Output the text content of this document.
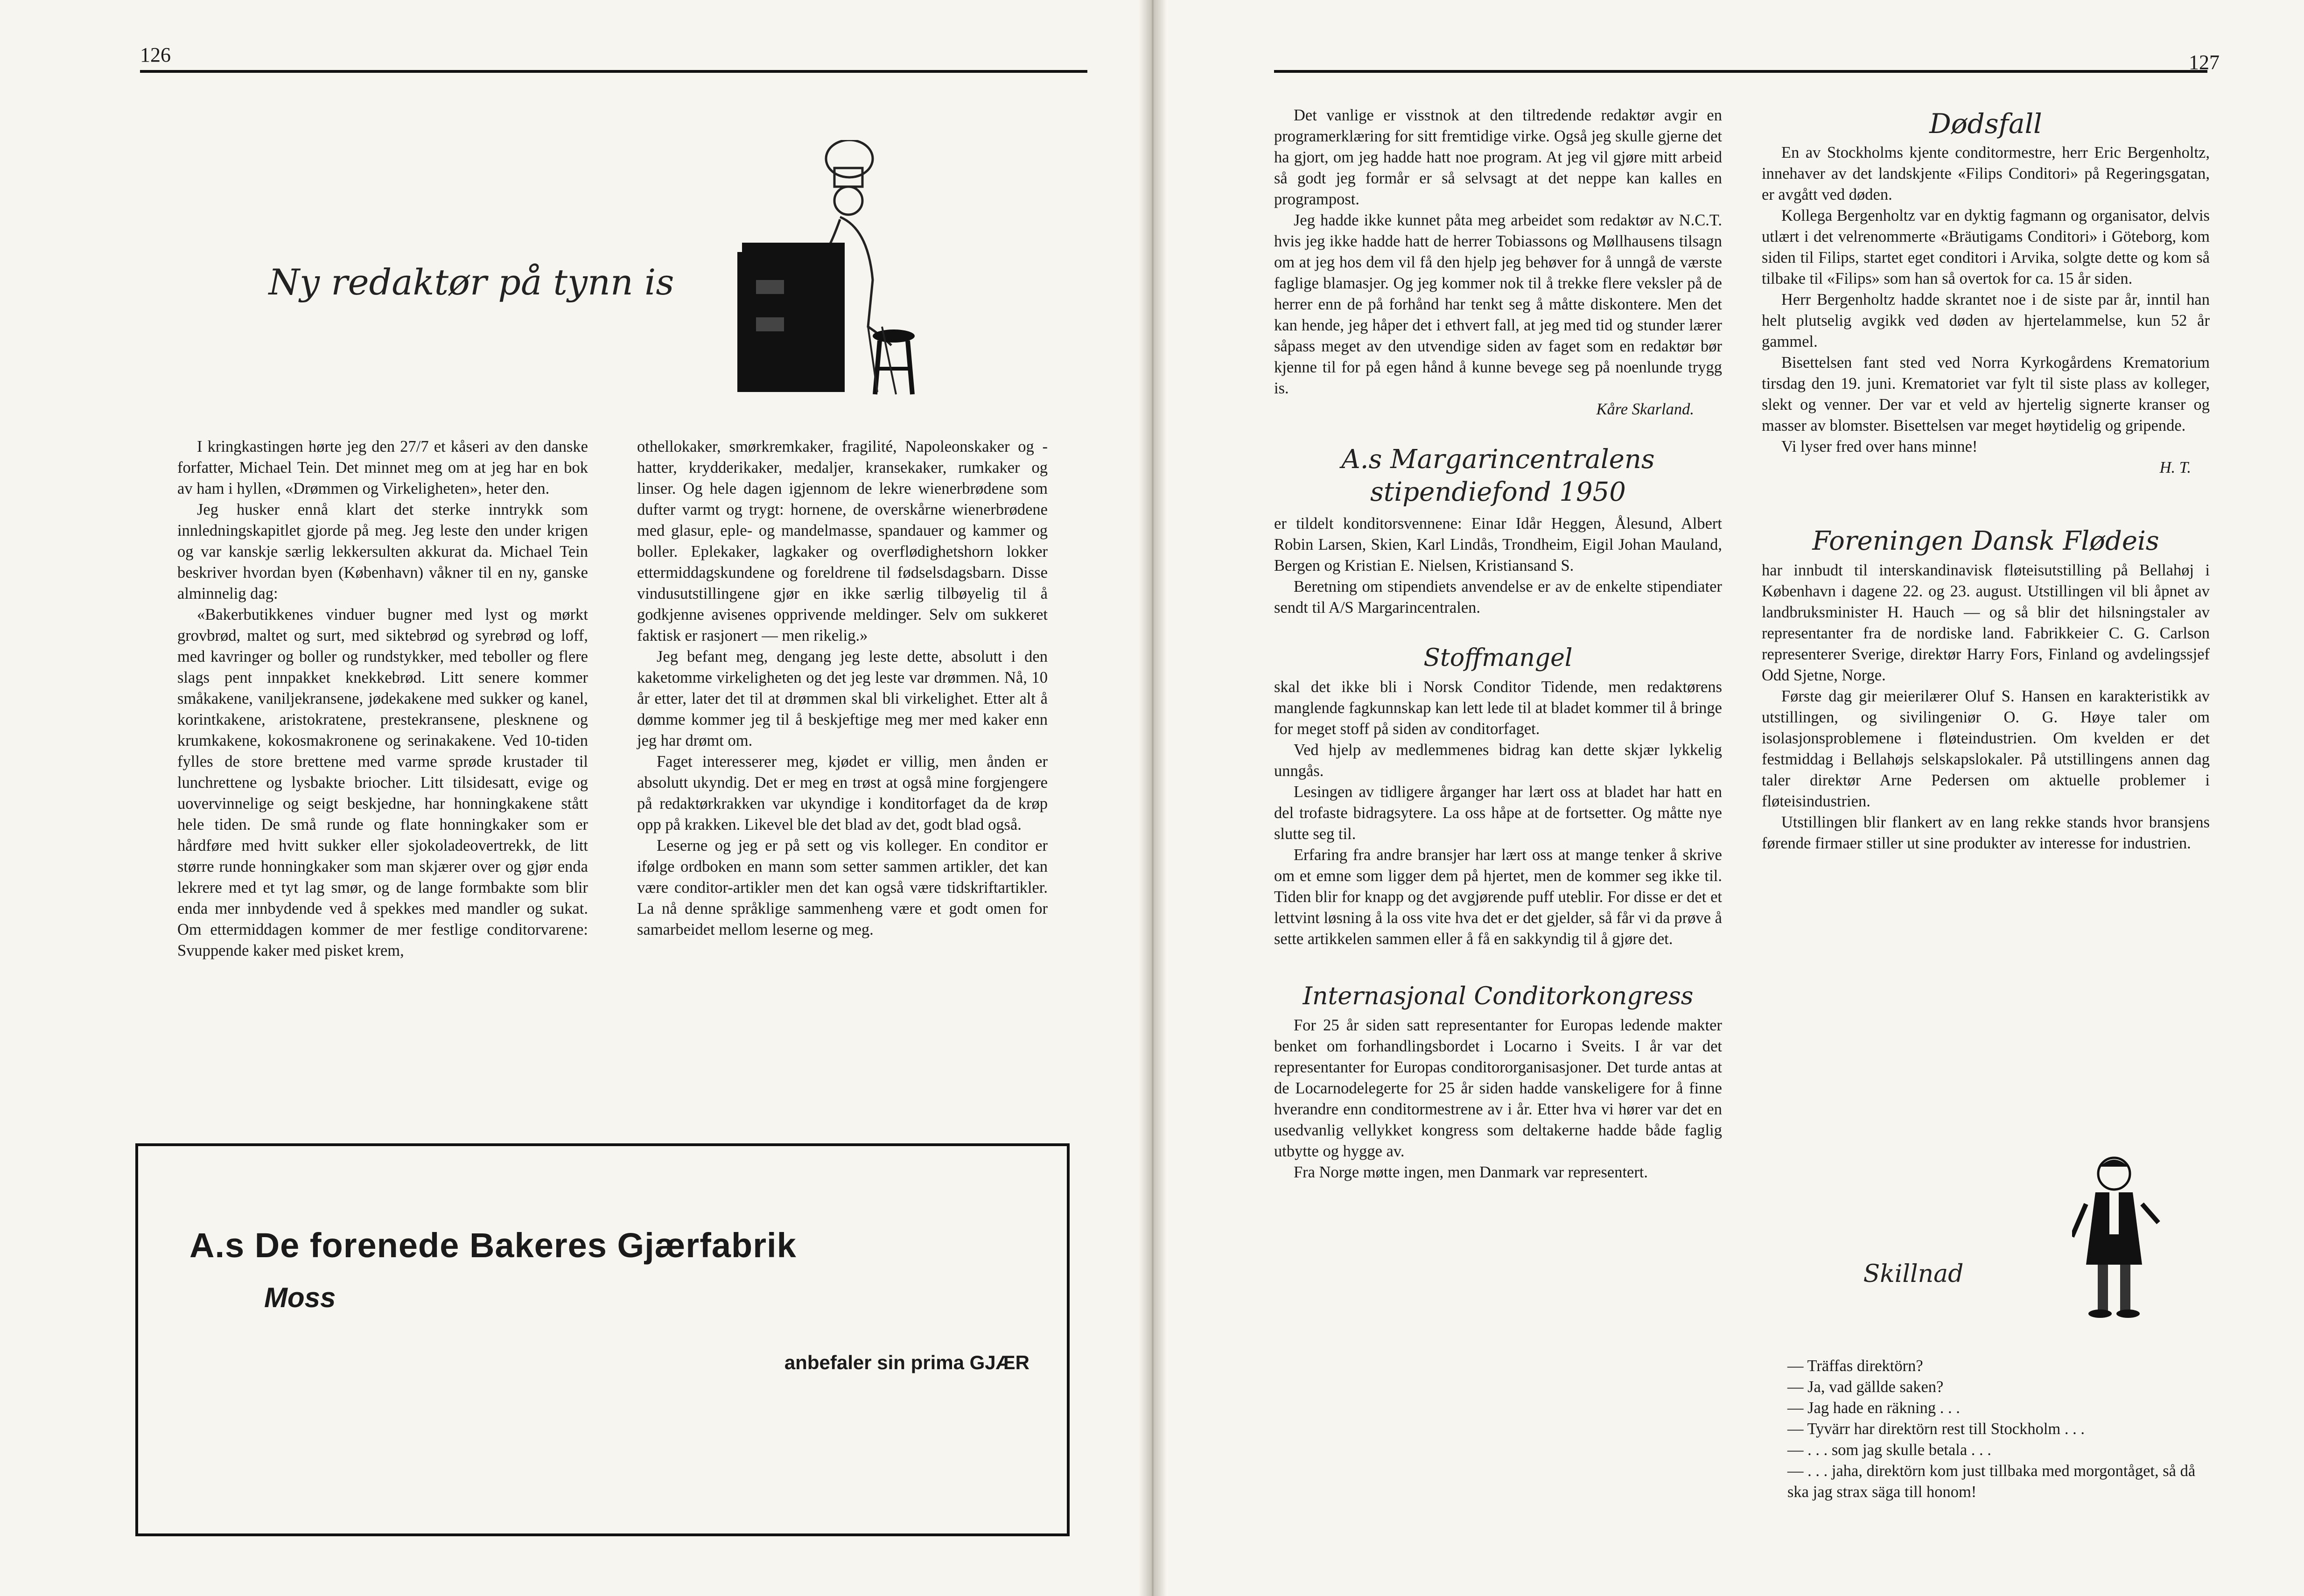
126
Ny redaktør på tynn is

I kringkastingen hørte jeg den 27/7 et kåseri av den danske forfatter, Michael Tein. Det minnet meg om at jeg har en bok av ham i hyllen, «Drømmen og Virkeligheten», heter den.

Jeg husker ennå klart det sterke inntrykk som innledningskapitlet gjorde på meg. Jeg leste den under krigen og var kanskje særlig lekkersulten akkurat da. Michael Tein beskriver hvordan byen (København) våkner til en ny, ganske alminnelig dag:

«Bakerbutikkenes vinduer bugner med lyst og mørkt grovbrød, maltet og surt, med siktebrød og syrebrød og loff, med kavringer og boller og rundstykker, med teboller og flere slags pent innpakket knekkebrød. Litt senere kommer småkakene, vaniljekransene, jødekakene med sukker og kanel, korintkakene, aristokratene, prestekransene, plesknene og krumkakene, kokosmakronene og serinakakene. Ved 10-tiden fylles de store brettene med varme sprøde krustader til lunchrettene og lysbakte briocher. Litt tilsidesatt, evige og uovervinnelige og seigt beskjedne, har honningkakene stått hele tiden. De små runde og flate honningkaker som er hårdføre med hvitt sukker eller sjokoladeovertrekk, de litt større runde honningkaker som man skjærer over og gjør enda lekrere med et tyt lag smør, og de lange formbakte som blir enda mer innbydende ved å spekkes med mandler og sukat. Om ettermiddagen kommer de mer festlige conditorvarene: Svuppende kaker med pisket krem,

othellokaker, smørkremkaker, fragilité, Napoleonskaker og -hatter, krydderikaker, medaljer, kransekaker, rumkaker og linser. Og hele dagen igjennom de lekre wienerbrødene som dufter varmt og trygt: hornene, de overskårne wienerbrødene med glasur, eple- og mandelmasse, spandauer og kammer og boller. Eplekaker, lagkaker og overflødighetshorn lokker ettermiddagskundene og foreldrene til fødselsdagsbarn. Disse vindusutstillingene gjør en ikke særlig tilbøyelig til å godkjenne avisenes opprivende meldinger. Selv om sukkeret faktisk er rasjonert — men rikelig.»

Jeg befant meg, dengang jeg leste dette, absolutt i den kaketomme virkeligheten og det jeg leste var drømmen. Nå, 10 år etter, later det til at drømmen skal bli virkelighet. Etter alt å dømme kommer jeg til å beskjeftige meg mer med kaker enn jeg har drømt om.

Faget interesserer meg, kjødet er villig, men ånden er absolutt ukyndig. Det er meg en trøst at også mine forgjengere på redaktørkrakken var ukyndige i konditorfaget da de krøp opp på krakken. Likevel ble det blad av det, godt blad også.

Leserne og jeg er på sett og vis kolleger. En conditor er ifølge ordboken en mann som setter sammen artikler, det kan være conditor-artikler men det kan også være tidskriftartikler. La nå denne språklige sammenheng være et godt omen for samarbeidet mellom leserne og meg.

A.s De forenede Bakeres Gjærfabrik
Moss
anbefaler sin prima GJÆR
127

Det vanlige er visstnok at den tiltredende redaktør avgir en programerklæring for sitt fremtidige virke. Også jeg skulle gjerne det ha gjort, om jeg hadde hatt noe program. At jeg vil gjøre mitt arbeid så godt jeg formår er så selvsagt at det neppe kan kalles en programpost.

Jeg hadde ikke kunnet påta meg arbeidet som redaktør av N.C.T. hvis jeg ikke hadde hatt de herrer Tobiassons og Møllhausens tilsagn om at jeg hos dem vil få den hjelp jeg behøver for å unngå de værste faglige blamasjer. Og jeg kommer nok til å trekke flere veksler på de herrer enn de på forhånd har tenkt seg å måtte diskontere. Men det kan hende, jeg håper det i ethvert fall, at jeg med tid og stunder lærer såpass meget av den utvendige siden av faget som en redaktør bør kjenne til for på egen hånd å kunne bevege seg på noenlunde trygg is.

Kåre Skarland.
A.s Margarincentralens
stipendiefond 1950

er tildelt konditorsvennene: Einar Idår Heggen, Ålesund, Albert Robin Larsen, Skien, Karl Lindås, Trondheim, Eigil Johan Mauland, Bergen og Kristian E. Nielsen, Kristiansand S.

Beretning om stipendiets anvendelse er av de enkelte stipendiater sendt til A/S Margarincentralen.

Stoffmangel

skal det ikke bli i Norsk Conditor Tidende, men redaktørens manglende fagkunnskap kan lett lede til at bladet kommer til å bringe for meget stoff på siden av conditorfaget.

Ved hjelp av medlemmenes bidrag kan dette skjær lykkelig unngås.

Lesingen av tidligere årganger har lært oss at bladet har hatt en del trofaste bidragsytere. La oss håpe at de fortsetter. Og måtte nye slutte seg til.

Erfaring fra andre bransjer har lært oss at mange tenker å skrive om et emne som ligger dem på hjertet, men de kommer seg ikke til. Tiden blir for knapp og det avgjørende puff uteblir. For disse er det et lettvint løsning å la oss vite hva det er det gjelder, så får vi da prøve å sette artikkelen sammen eller å få en sakkyndig til å gjøre det.

Internasjonal Conditorkongress

For 25 år siden satt representanter for Europas ledende makter benket om forhandlingsbordet i Locarno i Sveits. I år var det representanter for Europas conditororganisasjoner. Det turde antas at de Locarnodelegerte for 25 år siden hadde vanskeligere for å finne hverandre enn conditormestrene av i år. Etter hva vi hører var det en usedvanlig vellykket kongress som deltakerne hadde både faglig utbytte og hygge av.

Fra Norge møtte ingen, men Danmark var representert.

Dødsfall

En av Stockholms kjente conditormestre, herr Eric Bergenholtz, innehaver av det landskjente «Filips Conditori» på Regeringsgatan, er avgått ved døden.

Kollega Bergenholtz var en dyktig fagmann og organisator, delvis utlært i det velrenommerte «Bräutigams Conditori» i Göteborg, kom siden til Filips, startet eget conditori i Arvika, solgte dette og kom så tilbake til «Filips» som han så overtok for ca. 15 år siden.

Herr Bergenholtz hadde skrantet noe i de siste par år, inntil han helt plutselig avgikk ved døden av hjertelammelse, kun 52 år gammel.

Bisettelsen fant sted ved Norra Kyrkogårdens Krematorium tirsdag den 19. juni. Krematoriet var fylt til siste plass av kolleger, slekt og venner. Der var et veld av hjertelig signerte kranser og masser av blomster. Bisettelsen var meget høytidelig og gripende.

Vi lyser fred over hans minne!

H. T.
Foreningen Dansk Flødeis

har innbudt til interskandinavisk fløteisutstilling på Bellahøj i København i dagene 22. og 23. august. Utstillingen vil bli åpnet av landbruksminister H. Hauch — og så blir det hilsningstaler av representanter fra de nordiske land. Fabrikkeier C. G. Carlson representerer Sverige, direktør Harry Fors, Finland og avdelingssjef Odd Sjetne, Norge.

Første dag gir meierilærer Oluf S. Hansen en karakteristikk av utstillingen, og sivilingeniør O. G. Høye taler om isolasjonsproblemene i fløteindustrien. Om kvelden er det festmiddag i Bellahøjs selskapslokaler. På utstillingens annen dag taler direktør Arne Pedersen om aktuelle problemer i fløteisindustrien.

Utstillingen blir flankert av en lang rekke stands hvor bransjens førende firmaer stiller ut sine produkter av interesse for industrien.

Skillnad

— Träffas direktörn?

— Ja, vad gällde saken?

— Jag hade en räkning . . .

— Tyvärr har direktörn rest till Stockholm . . .

— . . . som jag skulle betala . . .

— . . . jaha, direktörn kom just tillbaka med morgontåget, så då ska jag strax säga till honom!
